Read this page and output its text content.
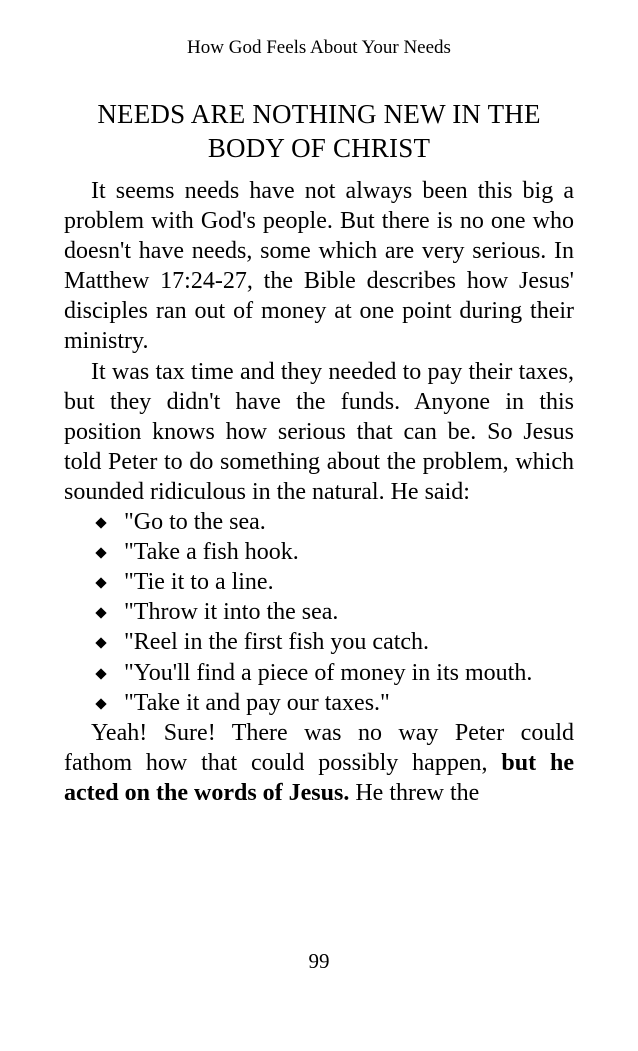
How God Feels About Your Needs
NEEDS ARE NOTHING NEW IN THE BODY OF CHRIST

It seems needs have not always been this big a problem with God's people. But there is no one who doesn't have needs, some which are very serious. In Matthew 17:24-27, the Bible describes how Jesus' disciples ran out of money at one point during their ministry.

It was tax time and they needed to pay their taxes, but they didn't have the funds. Anyone in this position knows how serious that can be. So Jesus told Peter to do something about the problem, which sounded ridiculous in the natural. He said:

"Go to the sea.
"Take a fish hook.
"Tie it to a line.
"Throw it into the sea.
"Reel in the first fish you catch.
"You'll find a piece of money in its mouth.
"Take it and pay our taxes."

Yeah! Sure! There was no way Peter could fathom how that could possibly happen, but he acted on the words of Jesus. He threw the

99
